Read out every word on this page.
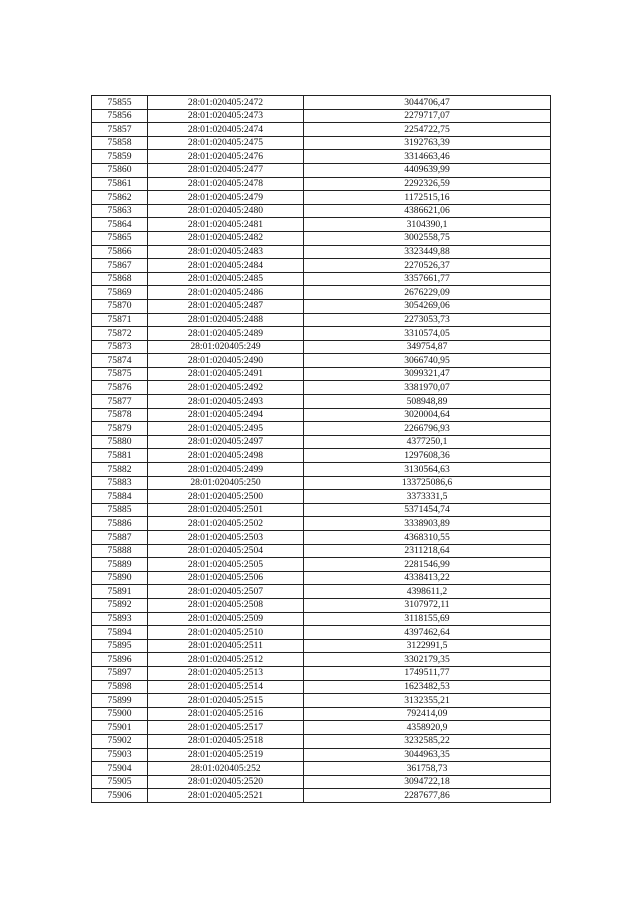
75855	28:01:020405:2472	3044706,47
75856	28:01:020405:2473	2279717,07
75857	28:01:020405:2474	2254722,75
75858	28:01:020405:2475	3192763,39
75859	28:01:020405:2476	3314663,46
75860	28:01:020405:2477	4409639,99
75861	28:01:020405:2478	2292326,59
75862	28:01:020405:2479	1172515,16
75863	28:01:020405:2480	4386621,06
75864	28:01:020405:2481	3104390,1
75865	28:01:020405:2482	3002558,75
75866	28:01:020405:2483	3323449,88
75867	28:01:020405:2484	2270526,37
75868	28:01:020405:2485	3357661,77
75869	28:01:020405:2486	2676229,09
75870	28:01:020405:2487	3054269,06
75871	28:01:020405:2488	2273053,73
75872	28:01:020405:2489	3310574,05
75873	28:01:020405:249	349754,87
75874	28:01:020405:2490	3066740,95
75875	28:01:020405:2491	3099321,47
75876	28:01:020405:2492	3381970,07
75877	28:01:020405:2493	508948,89
75878	28:01:020405:2494	3020004,64
75879	28:01:020405:2495	2266796,93
75880	28:01:020405:2497	4377250,1
75881	28:01:020405:2498	1297608,36
75882	28:01:020405:2499	3130564,63
75883	28:01:020405:250	133725086,6
75884	28:01:020405:2500	3373331,5
75885	28:01:020405:2501	5371454,74
75886	28:01:020405:2502	3338903,89
75887	28:01:020405:2503	4368310,55
75888	28:01:020405:2504	2311218,64
75889	28:01:020405:2505	2281546,99
75890	28:01:020405:2506	4338413,22
75891	28:01:020405:2507	4398611,2
75892	28:01:020405:2508	3107972,11
75893	28:01:020405:2509	3118155,69
75894	28:01:020405:2510	4397462,64
75895	28:01:020405:2511	3122991,5
75896	28:01:020405:2512	3302179,35
75897	28:01:020405:2513	1749511,77
75898	28:01:020405:2514	1623482,53
75899	28:01:020405:2515	3132355,21
75900	28:01:020405:2516	792414,09
75901	28:01:020405:2517	4358920,9
75902	28:01:020405:2518	3232585,22
75903	28:01:020405:2519	3044963,35
75904	28:01:020405:252	361758,73
75905	28:01:020405:2520	3094722,18
75906	28:01:020405:2521	2287677,86
